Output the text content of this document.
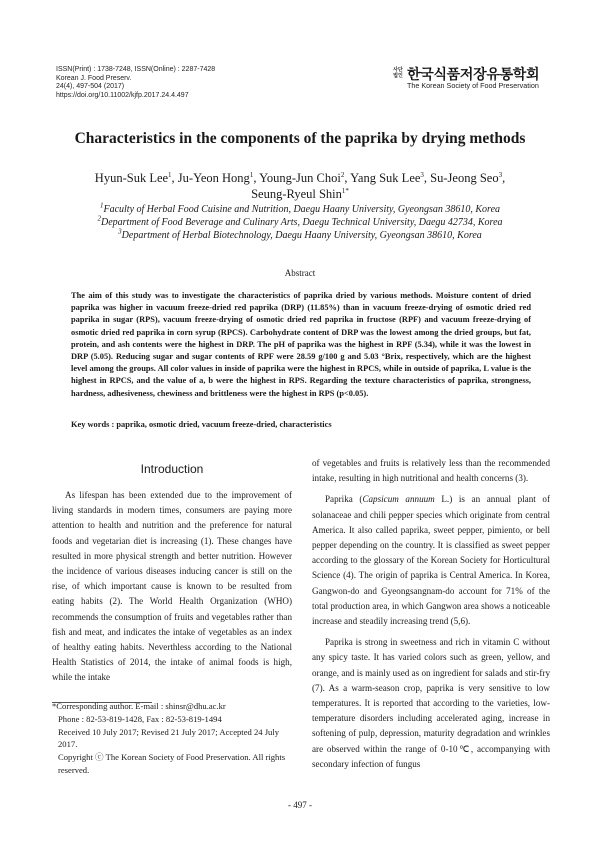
ISSN(Print) : 1738-7248, ISSN(Online) : 2287-7428
Korean J. Food Preserv.
24(4), 497-504 (2017)
https://doi.org/10.11002/kjfp.2017.24.4.497
사단 법인 한국식품저장유통학회
The Korean Society of Food Preservation
Characteristics in the components of the paprika by drying methods
Hyun-Suk Lee$^1$, Ju-Yeon Hong$^1$, Young-Jun Choi$^2$, Yang Suk Lee$^3$, Su-Jeong Seo$^3$,
Seung-Ryeul Shin$^{1*}$
$^1$Faculty of Herbal Food Cuisine and Nutrition, Daegu Haany University, Gyeongsan 38610, Korea
$^2$Department of Food Beverage and Culinary Arts, Daegu Technical University, Daegu 42734, Korea
$^3$Department of Herbal Biotechnology, Daegu Haany University, Gyeongsan 38610, Korea
Abstract
The aim of this study was to investigate the characteristics of paprika dried by various methods. Moisture content of dried paprika was higher in vacuum freeze-dried red paprika (DRP) (11.85%) than in vacuum freeze-drying of osmotic dried red paprika in sugar (RPS), vacuum freeze-drying of osmotic dried red paprika in fructose (RPF) and vacuum freeze-drying of osmotic dried red paprika in corn syrup (RPCS). Carbohydrate content of DRP was the lowest among the dried groups, but fat, protein, and ash contents were the highest in DRP. The pH of paprika was the highest in RPF (5.34), while it was the lowest in DRP (5.05). Reducing sugar and sugar contents of RPF were 28.59 g/100 g and 5.03 °Brix, respectively, which are the highest level among the groups. All color values in inside of paprika were the highest in RPCS, while in outside of paprika, L value is the highest in RPCS, and the value of a, b were the highest in RPS. Regarding the texture characteristics of paprika, strongness, hardness, adhesiveness, chewiness and brittleness were the highest in RPS (p<0.05).
Key words : paprika, osmotic dried, vacuum freeze-dried, characteristics
Introduction

As lifespan has been extended due to the improvement of living standards in modern times, consumers are paying more attention to health and nutrition and the preference for natural foods and vegetarian diet is increasing (1). These changes have resulted in more physical strength and better nutrition. However the incidence of various diseases inducing cancer is still on the rise, of which important cause is known to be resulted from eating habits (2). The World Health Organization (WHO) recommends the consumption of fruits and vegetables rather than fish and meat, and indicates the intake of vegetables as an index of healthy eating habits. Neverthless according to the National Health Statistics of 2014, the intake of animal foods is high, while the intake

of vegetables and fruits is relatively less than the recommended intake, resulting in high nutritional and health concerns (3).

Paprika (Capsicum annuum L.) is an annual plant of solanaceae and chili pepper species which originate from central America. It also called paprika, sweet pepper, pimiento, or bell pepper depending on the country. It is classified as sweet pepper according to the glossary of the Korean Society for Horticultural Science (4). The origin of paprika is Central America. In Korea, Gangwon-do and Gyeongsangnam-do account for 71% of the total production area, in which Gangwon area shows a noticeable increase and steadily increasing trend (5,6).

Paprika is strong in sweetness and rich in vitamin C without any spicy taste. It has varied colors such as green, yellow, and orange, and is mainly used as on ingredient for salads and stir-fry (7). As a warm-season crop, paprika is very sensitive to low temperatures. It is reported that according to the varieties, low-temperature disorders including accelerated aging, increase in softening of pulp, depression, maturity degradation and wrinkles are observed within the range of 0-10℃, accompanying with secondary infection of fungus

*Corresponding author. E-mail : shinsr@dhu.ac.kr
Phone : 82-53-819-1428, Fax : 82-53-819-1494
Received 10 July 2017; Revised 21 July 2017; Accepted 24 July 2017.
Copyright ⓒ The Korean Society of Food Preservation. All rights reserved.
- 497 -
